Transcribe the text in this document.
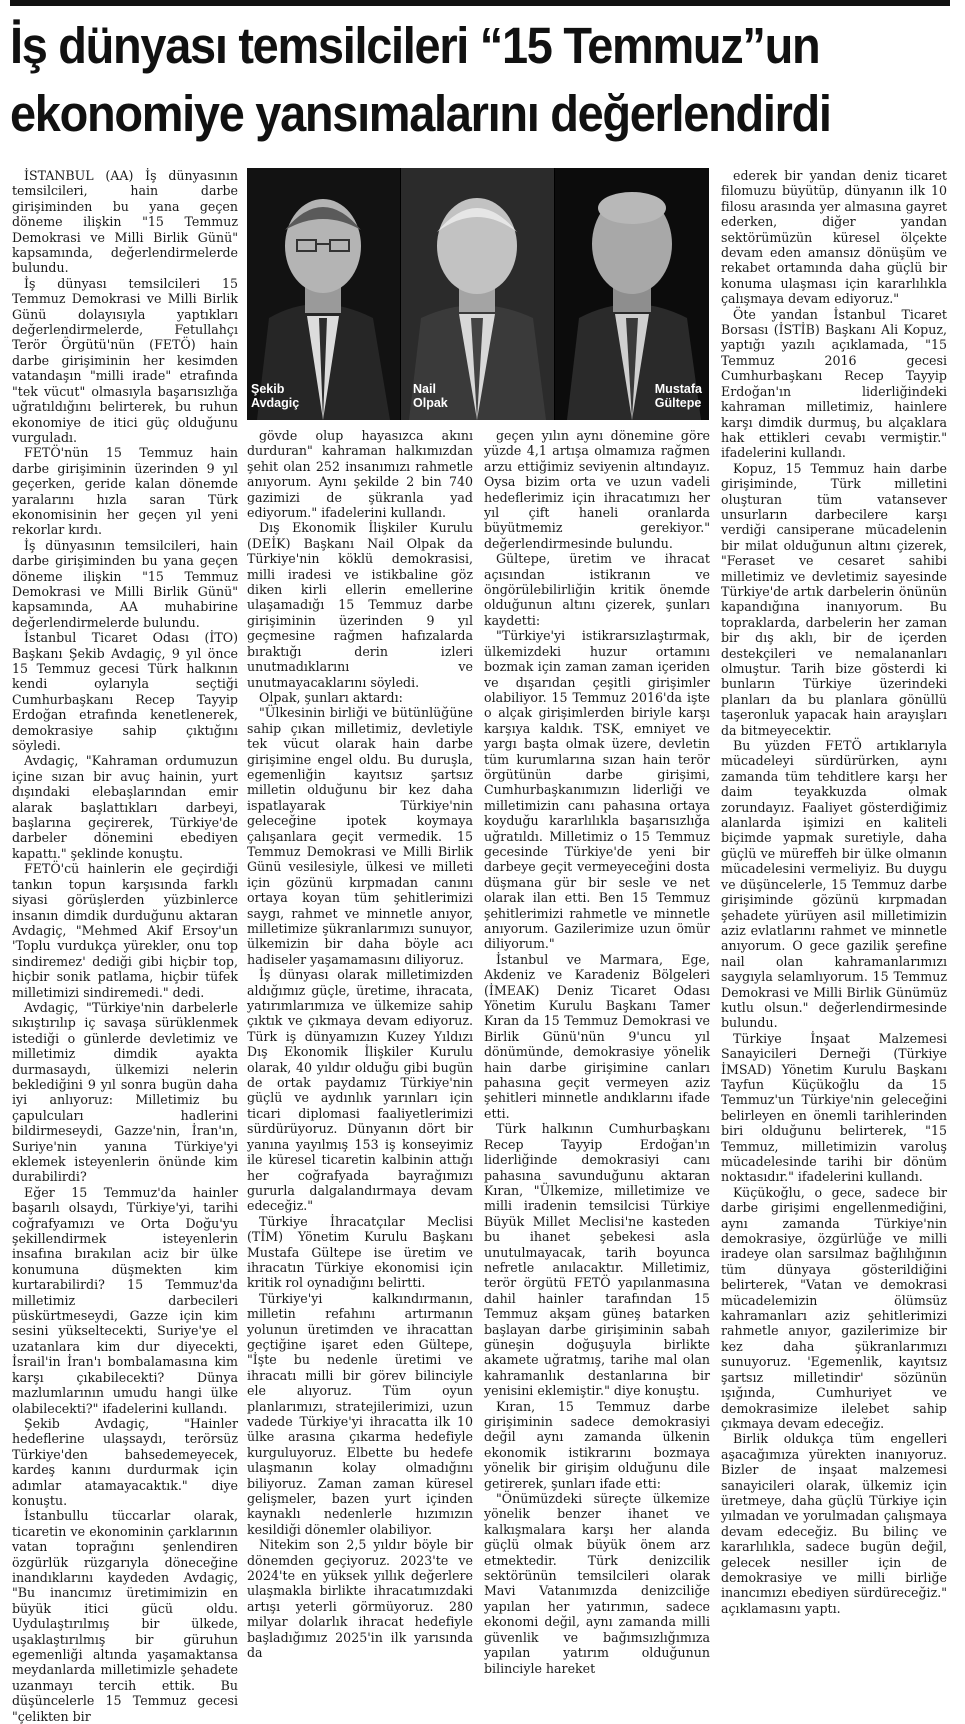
İş dünyası temsilcileri “15 Temmuz”un
ekonomiye yansımalarını değerlendirdi

İSTANBUL (AA) İş dünyasının temsilcileri, hain darbe girişiminden bu yana geçen döneme ilişkin "15 Temmuz Demokrasi ve Milli Birlik Günü" kapsamında, değerlendirmelerde bulundu.

İş dünyası temsilcileri 15 Temmuz Demokrasi ve Milli Birlik Günü dolayısıyla yaptıkları değerlendirmelerde, Fetullahçı Terör Örgütü'nün (FETÖ) hain darbe girişiminin her kesimden vatandaşın "milli irade" etrafında "tek vücut" olmasıyla başarısızlığa uğratıldığını belirterek, bu ruhun ekonomiye de itici güç olduğunu vurguladı.

FETÖ'nün 15 Temmuz hain darbe girişiminin üzerinden 9 yıl geçerken, geride kalan dönemde yaralarını hızla saran Türk ekonomisinin her geçen yıl yeni rekorlar kırdı.

İş dünyasının temsilcileri, hain darbe girişiminden bu yana geçen döneme ilişkin "15 Temmuz Demokrasi ve Milli Birlik Günü" kapsamında, AA muhabirine değerlendirmelerde bulundu.

İstanbul Ticaret Odası (İTO) Başkanı Şekib Avdagiç, 9 yıl önce 15 Temmuz gecesi Türk halkının kendi oylarıyla seçtiği Cumhurbaşkanı Recep Tayyip Erdoğan etrafında kenetlenerek, demokrasiye sahip çıktığını söyledi.

Avdagiç, "Kahraman ordumuzun içine sızan bir avuç hainin, yurt dışındaki elebaşlarından emir alarak başlattıkları darbeyi, başlarına geçirerek, Türkiye'de darbeler dönemini ebediyen kapattı." şeklinde konuştu.

FETÖ'cü hainlerin ele geçirdiği tankın topun karşısında farklı siyasi görüşlerden yüzbinlerce insanın dimdik durduğunu aktaran Avdagiç, "Mehmed Akif Ersoy'un 'Toplu vurdukça yürekler, onu top sindiremez' dediği gibi hiçbir top, hiçbir sonik patlama, hiçbir tüfek milletimizi sindiremedi." dedi.

Avdagiç, "Türkiye'nin darbelerle sıkıştırılıp iç savaşa sürüklenmek istediği o günlerde devletimiz ve milletimiz dimdik ayakta durmasaydı, ülkemizi nelerin beklediğini 9 yıl sonra bugün daha iyi anlıyoruz: Milletimiz bu çapulcuları hadlerini bildirmeseydi, Gazze'nin, İran'ın, Suriye'nin yanına Türkiye'yi eklemek isteyenlerin önünde kim durabilirdi?

Eğer 15 Temmuz'da hainler başarılı olsaydı, Türkiye'yi, tarihi coğrafyamızı ve Orta Doğu'yu şekillendirmek isteyenlerin insafına bırakılan aciz bir ülke konumuna düşmekten kim kurtarabilirdi? 15 Temmuz'da milletimiz darbecileri püskürtmeseydi, Gazze için kim sesini yükseltecekti, Suriye'ye el uzatanlara kim dur diyecekti, İsrail'in İran'ı bombalamasına kim karşı çıkabilecekti? Dünya mazlumlarının umudu hangi ülke olabilecekti?" ifadelerini kullandı.

Şekib Avdagiç, "Hainler hedeflerine ulaşsaydı, terörsüz Türkiye'den bahsedemeyecek, kardeş kanını durdurmak için adımlar atamayacaktık." diye konuştu.

İstanbullu tüccarlar olarak, ticaretin ve ekonominin çarklarının vatan toprağını şenlendiren özgürlük rüzgarıyla döneceğine inandıklarını kaydeden Avdagiç, "Bu inancımız üretimimizin en büyük itici gücü oldu. Uydulaştırılmış bir ülkede, uşaklaştırılmış bir güruhun egemenliği altında yaşamaktansa meydanlarda milletimizle şehadete uzanmayı tercih ettik. Bu düşüncelerle 15 Temmuz gecesi "çelikten bir

Şekib
Avdagiç
Nail
Olpak
Mustafa
Gültepe

gövde olup hayasızca akını durduran" kahraman halkımızdan şehit olan 252 insanımızı rahmetle anıyorum. Aynı şekilde 2 bin 740 gazimizi de şükranla yad ediyorum." ifadelerini kullandı.

Dış Ekonomik İlişkiler Kurulu (DEİK) Başkanı Nail Olpak da Türkiye'nin köklü demokrasisi, milli iradesi ve istikbaline göz diken kirli ellerin emellerine ulaşamadığı 15 Temmuz darbe girişiminin üzerinden 9 yıl geçmesine rağmen hafızalarda bıraktığı derin izleri unutmadıklarını ve unutmayacaklarını söyledi.

Olpak, şunları aktardı:

"Ülkesinin birliği ve bütünlüğüne sahip çıkan milletimiz, devletiyle tek vücut olarak hain darbe girişimine engel oldu. Bu duruşla, egemenliğin kayıtsız şartsız milletin olduğunu bir kez daha ispatlayarak Türkiye'nin geleceğine ipotek koymaya çalışanlara geçit vermedik. 15 Temmuz Demokrasi ve Milli Birlik Günü vesilesiyle, ülkesi ve milleti için gözünü kırpmadan canını ortaya koyan tüm şehitlerimizi saygı, rahmet ve minnetle anıyor, milletimize şükranlarımızı sunuyor, ülkemizin bir daha böyle acı hadiseler yaşamamasını diliyoruz.

İş dünyası olarak milletimizden aldığımız güçle, üretime, ihracata, yatırımlarımıza ve ülkemize sahip çıktık ve çıkmaya devam ediyoruz. Türk iş dünyamızın Kuzey Yıldızı Dış Ekonomik İlişkiler Kurulu olarak, 40 yıldır olduğu gibi bugün de ortak paydamız Türkiye'nin güçlü ve aydınlık yarınları için ticari diplomasi faaliyetlerimizi sürdürüyoruz. Dünyanın dört bir yanına yayılmış 153 iş konseyimiz ile küresel ticaretin kalbinin attığı her coğrafyada bayrağımızı gururla dalgalandırmaya devam edeceğiz."

Türkiye İhracatçılar Meclisi (TİM) Yönetim Kurulu Başkanı Mustafa Gültepe ise üretim ve ihracatın Türkiye ekonomisi için kritik rol oynadığını belirtti.

Türkiye'yi kalkındırmanın, milletin refahını artırmanın yolunun üretimden ve ihracattan geçtiğine işaret eden Gültepe, "İşte bu nedenle üretimi ve ihracatı milli bir görev bilinciyle ele alıyoruz. Tüm oyun planlarımızı, stratejilerimizi, uzun vadede Türkiye'yi ihracatta ilk 10 ülke arasına çıkarma hedefiyle kurguluyoruz. Elbette bu hedefe ulaşmanın kolay olmadığını biliyoruz. Zaman zaman küresel gelişmeler, bazen yurt içinden kaynaklı nedenlerle hızımızın kesildiği dönemler olabiliyor.

Nitekim son 2,5 yıldır böyle bir dönemden geçiyoruz. 2023'te ve 2024'te en yüksek yıllık değerlere ulaşmakla birlikte ihracatımızdaki artışı yeterli görmüyoruz. 280 milyar dolarlık ihracat hedefiyle başladığımız 2025'in ilk yarısında da

geçen yılın aynı dönemine göre yüzde 4,1 artışa olmamıza rağmen arzu ettiğimiz seviyenin altındayız. Oysa bizim orta ve uzun vadeli hedeflerimiz için ihracatımızı her yıl çift haneli oranlarda büyütmemiz gerekiyor." değerlendirmesinde bulundu.

Gültepe, üretim ve ihracat açısından istikranın ve öngörülebilirliğin kritik önemde olduğunun altını çizerek, şunları kaydetti:

"Türkiye'yi istikrarsızlaştırmak, ülkemizdeki huzur ortamını bozmak için zaman zaman içeriden ve dışarıdan çeşitli girişimler olabiliyor. 15 Temmuz 2016'da işte o alçak girişimlerden biriyle karşı karşıya kaldık. TSK, emniyet ve yargı başta olmak üzere, devletin tüm kurumlarına sızan hain terör örgütünün darbe girişimi, Cumhurbaşkanımızın liderliği ve milletimizin canı pahasına ortaya koyduğu kararlılıkla başarısızlığa uğratıldı. Milletimiz o 15 Temmuz gecesinde Türkiye'de yeni bir darbeye geçit vermeyeceğini dosta düşmana gür bir sesle ve net olarak ilan etti. Ben 15 Temmuz şehitlerimizi rahmetle ve minnetle anıyorum. Gazilerimize uzun ömür diliyorum."

İstanbul ve Marmara, Ege, Akdeniz ve Karadeniz Bölgeleri (İMEAK) Deniz Ticaret Odası Yönetim Kurulu Başkanı Tamer Kıran da 15 Temmuz Demokrasi ve Birlik Günü'nün 9'uncu yıl dönümünde, demokrasiye yönelik hain darbe girişimine canları pahasına geçit vermeyen aziz şehitleri minnetle andıklarını ifade etti.

Türk halkının Cumhurbaşkanı Recep Tayyip Erdoğan'ın liderliğinde demokrasiyi canı pahasına savunduğunu aktaran Kıran, "Ülkemize, milletimize ve milli iradenin temsilcisi Türkiye Büyük Millet Meclisi'ne kasteden bu ihanet şebekesi asla unutulmayacak, tarih boyunca nefretle anılacaktır. Milletimiz, terör örgütü FETÖ yapılanmasına dahil hainler tarafından 15 Temmuz akşam güneş batarken başlayan darbe girişiminin sabah güneşin doğuşuyla birlikte akamete uğratmış, tarihe mal olan kahramanlık destanlarına bir yenisini eklemiştir." diye konuştu.

Kıran, 15 Temmuz darbe girişiminin sadece demokrasiyi değil aynı zamanda ülkenin ekonomik istikrarını bozmaya yönelik bir girişim olduğunu dile getirerek, şunları ifade etti:

"Önümüzdeki süreçte ülkemize yönelik benzer ihanet ve kalkışmalara karşı her alanda güçlü olmak büyük önem arz etmektedir. Türk denizcilik sektörünün temsilcileri olarak Mavi Vatanımızda denizciliğe yapılan her yatırımın, sadece ekonomi değil, aynı zamanda milli güvenlik ve bağımsızlığımıza yapılan yatırım olduğunun bilinciyle hareket

ederek bir yandan deniz ticaret filomuzu büyütüp, dünyanın ilk 10 filosu arasında yer almasına gayret ederken, diğer yandan sektörümüzün küresel ölçekte devam eden amansız dönüşüm ve rekabet ortamında daha güçlü bir konuma ulaşması için kararlılıkla çalışmaya devam ediyoruz."

Öte yandan İstanbul Ticaret Borsası (İSTİB) Başkanı Ali Kopuz, yaptığı yazılı açıklamada, "15 Temmuz 2016 gecesi Cumhurbaşkanı Recep Tayyip Erdoğan'ın liderliğindeki kahraman milletimiz, hainlere karşı dimdik durmuş, bu alçaklara hak ettikleri cevabı vermiştir." ifadelerini kullandı.

Kopuz, 15 Temmuz hain darbe girişiminde, Türk milletini oluşturan tüm vatansever unsurların darbecilere karşı verdiği cansiperane mücadelenin bir milat olduğunun altını çizerek, "Feraset ve cesaret sahibi milletimiz ve devletimiz sayesinde Türkiye'de artık darbelerin önünün kapandığına inanıyorum. Bu topraklarda, darbelerin her zaman bir dış aklı, bir de içerden destekçileri ve nemalananları olmuştur. Tarih bize gösterdi ki bunların Türkiye üzerindeki planları da bu planlara gönüllü taşeronluk yapacak hain arayışları da bitmeyecektir.

Bu yüzden FETÖ artıklarıyla mücadeleyi sürdürürken, aynı zamanda tüm tehditlere karşı her daim teyakkuzda olmak zorundayız. Faaliyet gösterdiğimiz alanlarda işimizi en kaliteli biçimde yapmak suretiyle, daha güçlü ve müreffeh bir ülke olmanın mücadelesini vermeliyiz. Bu duygu ve düşüncelerle, 15 Temmuz darbe girişiminde gözünü kırpmadan şehadete yürüyen asil milletimizin aziz evlatlarını rahmet ve minnetle anıyorum. O gece gazilik şerefine nail olan kahramanlarımızı saygıyla selamlıyorum. 15 Temmuz Demokrasi ve Milli Birlik Günümüz kutlu olsun." değerlendirmesinde bulundu.

Türkiye İnşaat Malzemesi Sanayicileri Derneği (Türkiye İMSAD) Yönetim Kurulu Başkanı Tayfun Küçükoğlu da 15 Temmuz'un Türkiye'nin geleceğini belirleyen en önemli tarihlerinden biri olduğunu belirterek, "15 Temmuz, milletimizin varoluş mücadelesinde tarihi bir dönüm noktasıdır." ifadelerini kullandı.

Küçükoğlu, o gece, sadece bir darbe girişimi engellenmediğini, aynı zamanda Türkiye'nin demokrasiye, özgürlüğe ve milli iradeye olan sarsılmaz bağlılığının tüm dünyaya gösterildiğini belirterek, "Vatan ve demokrasi mücadelemizin ölümsüz kahramanları aziz şehitlerimizi rahmetle anıyor, gazilerimize bir kez daha şükranlarımızı sunuyoruz. 'Egemenlik, kayıtsız şartsız milletindir' sözünün ışığında, Cumhuriyet ve demokrasimize ilelebet sahip çıkmaya devam edeceğiz.

Birlik oldukça tüm engelleri aşacağımıza yürekten inanıyoruz. Bizler de inşaat malzemesi sanayicileri olarak, ülkemiz için üretmeye, daha güçlü Türkiye için yılmadan ve yorulmadan çalışmaya devam edeceğiz. Bu bilinç ve kararlılıkla, sadece bugün değil, gelecek nesiller için de demokrasiye ve milli birliğe inancımızı ebediyen sürdüreceğiz." açıklamasını yaptı.
